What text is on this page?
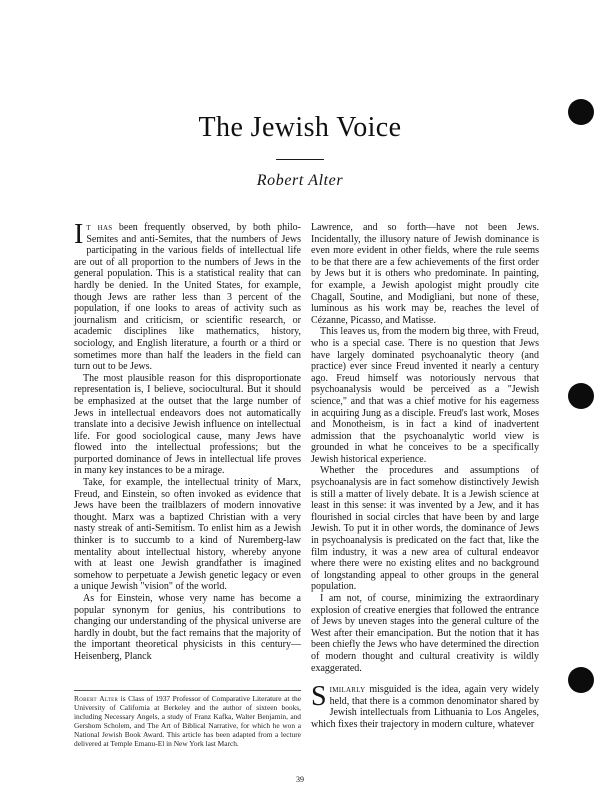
The Jewish Voice
Robert Alter

It has been frequently observed, by both philo-Semites and anti-Semites, that the numbers of Jews participating in the various fields of intellectual life are out of all proportion to the numbers of Jews in the general population. This is a statistical reality that can hardly be denied. In the United States, for example, though Jews are rather less than 3 percent of the population, if one looks to areas of activity such as journalism and criticism, or scientific research, or academic disciplines like mathematics, history, sociology, and English literature, a fourth or a third or sometimes more than half the leaders in the field can turn out to be Jews.

The most plausible reason for this disproportionate representation is, I believe, sociocultural. But it should be emphasized at the outset that the large number of Jews in intellectual endeavors does not automatically translate into a decisive Jewish influence on intellectual life. For good sociological cause, many Jews have flowed into the intellectual professions; but the purported dominance of Jews in intellectual life proves in many key instances to be a mirage.

Take, for example, the intellectual trinity of Marx, Freud, and Einstein, so often invoked as evidence that Jews have been the trailblazers of modern innovative thought. Marx was a baptized Christian with a very nasty streak of anti-Semitism. To enlist him as a Jewish thinker is to succumb to a kind of Nuremberg-law mentality about intellectual history, whereby anyone with at least one Jewish grandfather is imagined somehow to perpetuate a Jewish genetic legacy or even a unique Jewish "vision" of the world.

As for Einstein, whose very name has become a popular synonym for genius, his contributions to changing our understanding of the physical universe are hardly in doubt, but the fact remains that the majority of the important theoretical physicists in this century—Heisenberg, Planck

Robert Alter is Class of 1937 Professor of Comparative Literature at the University of California at Berkeley and the author of sixteen books, including Necessary Angels, a study of Franz Kafka, Walter Benjamin, and Gershom Scholem, and The Art of Biblical Narrative, for which he won a National Jewish Book Award. This article has been adapted from a lecture delivered at Temple Emanu-El in New York last March.

Lawrence, and so forth—have not been Jews. Incidentally, the illusory nature of Jewish dominance is even more evident in other fields, where the rule seems to be that there are a few achievements of the first order by Jews but it is others who predominate. In painting, for example, a Jewish apologist might proudly cite Chagall, Soutine, and Modigliani, but none of these, luminous as his work may be, reaches the level of Cézanne, Picasso, and Matisse.

This leaves us, from the modern big three, with Freud, who is a special case. There is no question that Jews have largely dominated psychoanalytic theory (and practice) ever since Freud invented it nearly a century ago. Freud himself was notoriously nervous that psychoanalysis would be perceived as a "Jewish science," and that was a chief motive for his eagerness in acquiring Jung as a disciple. Freud's last work, Moses and Monotheism, is in fact a kind of inadvertent admission that the psychoanalytic world view is grounded in what he conceives to be a specifically Jewish historical experience.

Whether the procedures and assumptions of psychoanalysis are in fact somehow distinctively Jewish is still a matter of lively debate. It is a Jewish science at least in this sense: it was invented by a Jew, and it has flourished in social circles that have been by and large Jewish. To put it in other words, the dominance of Jews in psychoanalysis is predicated on the fact that, like the film industry, it was a new area of cultural endeavor where there were no existing elites and no background of longstanding appeal to other groups in the general population.

I am not, of course, minimizing the extraordinary explosion of creative energies that followed the entrance of Jews by uneven stages into the general culture of the West after their emancipation. But the notion that it has been chiefly the Jews who have determined the direction of modern thought and cultural creativity is wildly exaggerated.

Similarly misguided is the idea, again very widely held, that there is a common denominator shared by Jewish intellectuals from Lithuania to Los Angeles, which fixes their trajectory in modern culture, whatever

39
